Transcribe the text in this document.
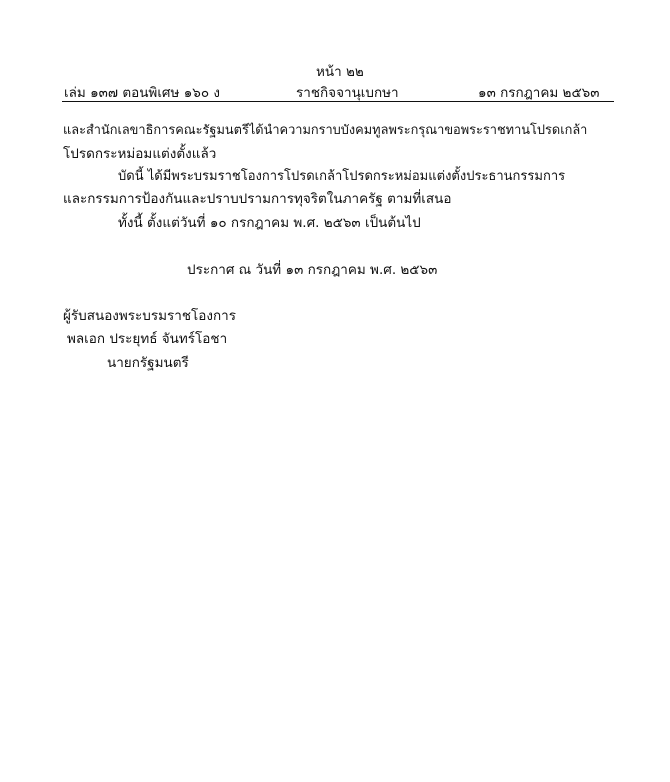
หน้า ๒๒
เล่ม ๑๓๗ ตอนพิเศษ ๑๖๐ ง	ราชกิจจานุเบกษา	๑๓ กรกฎาคม ๒๕๖๓
และสำนักเลขาธิการคณะรัฐมนตรีได้นำความกราบบังคมทูลพระกรุณาขอพระราชทานโปรดเกล้า
โปรดกระหม่อมแต่งตั้งแล้ว
บัดนี้ ได้มีพระบรมราชโองการโปรดเกล้าโปรดกระหม่อมแต่งตั้งประธานกรรมการ
และกรรมการป้องกันและปราบปรามการทุจริตในภาครัฐ ตามที่เสนอ
ทั้งนี้ ตั้งแต่วันที่ ๑๐ กรกฎาคม พ.ศ. ๒๕๖๓ เป็นต้นไป
ประกาศ ณ วันที่ ๑๓ กรกฎาคม พ.ศ. ๒๕๖๓
ผู้รับสนองพระบรมราชโองการ
พลเอก ประยุทธ์ จันทร์โอชา
นายกรัฐมนตรี
